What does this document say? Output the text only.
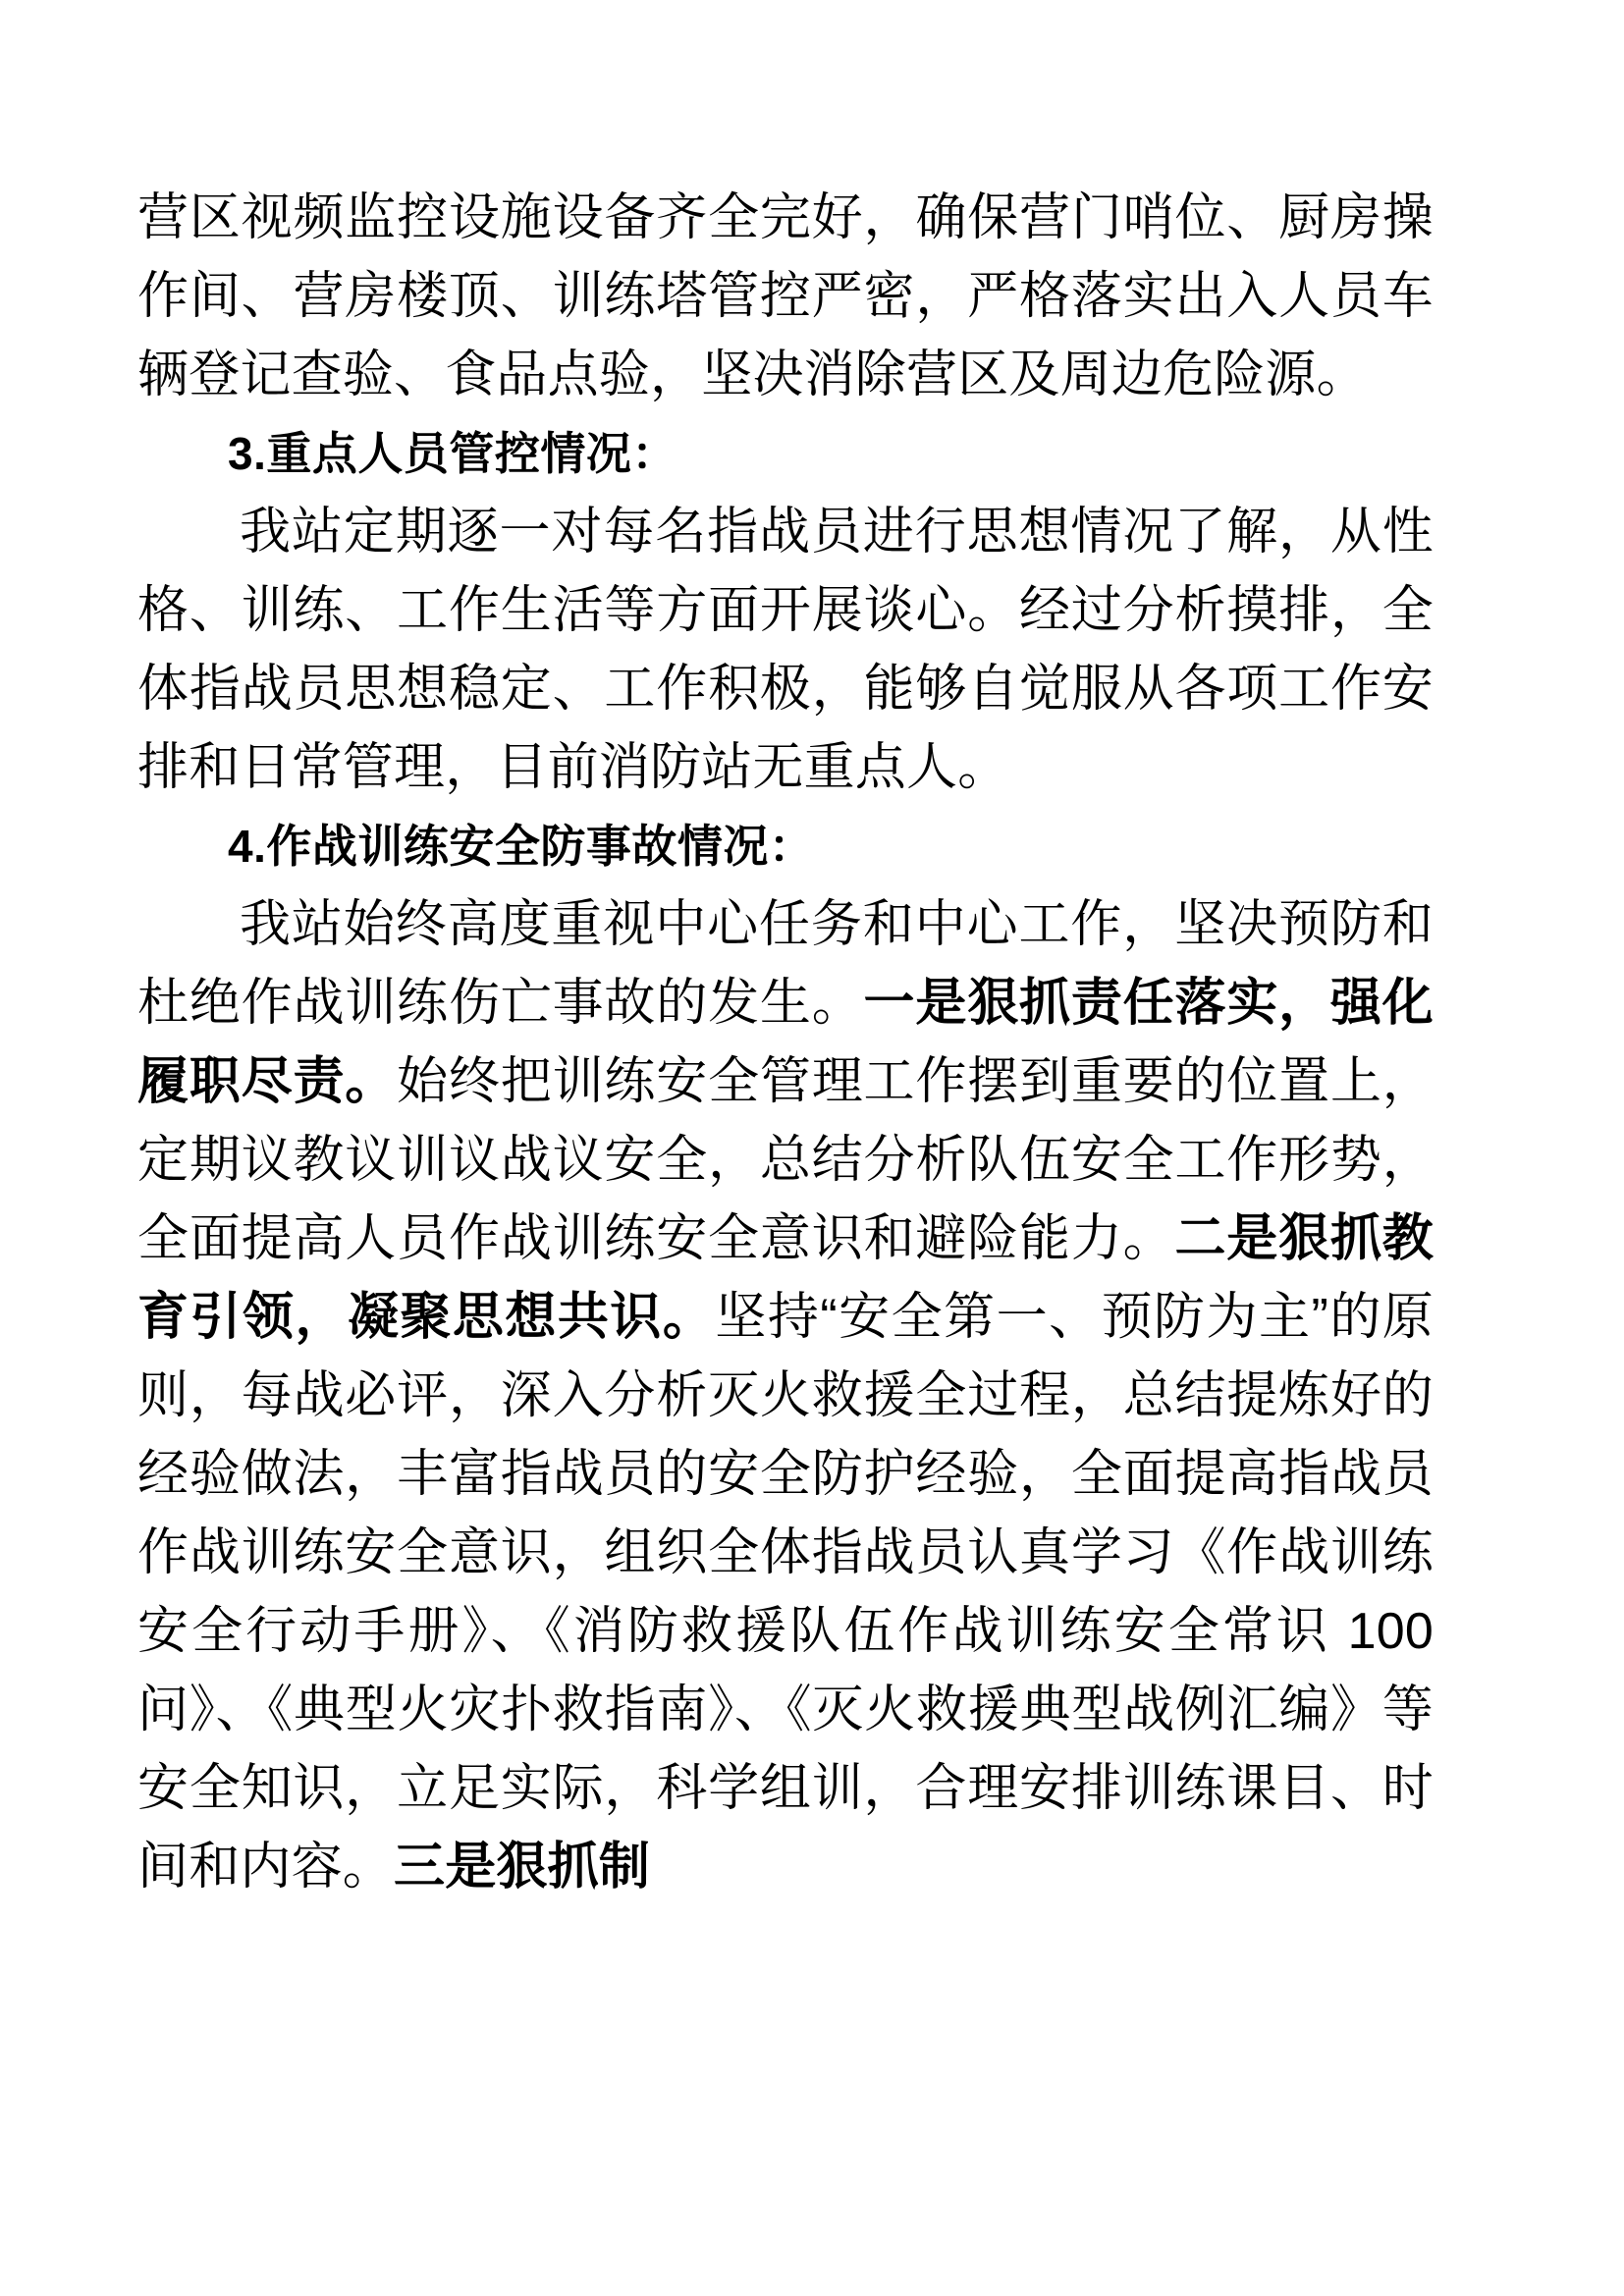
营区视频监控设施设备齐全完好，确保营门哨位、厨房操作间、营房楼顶、训练塔管控严密，严格落实出入人员车辆登记查验、食品点验，坚决消除营区及周边危险源。

3.重点人员管控情况：

我站定期逐一对每名指战员进行思想情况了解，从性格、训练、工作生活等方面开展谈心。经过分析摸排，全体指战员思想稳定、工作积极，能够自觉服从各项工作安排和日常管理，目前消防站无重点人。

4.作战训练安全防事故情况：

我站始终高度重视中心任务和中心工作，坚决预防和杜绝作战训练伤亡事故的发生。一是狠抓责任落实，强化履职尽责。始终把训练安全管理工作摆到重要的位置上，定期议教议训议战议安全，总结分析队伍安全工作形势，全面提高人员作战训练安全意识和避险能力。二是狠抓教育引领，凝聚思想共识。坚持“安全第一、预防为主”的原则，每战必评，深入分析灭火救援全过程，总结提炼好的经验做法，丰富指战员的安全防护经验，全面提高指战员作战训练安全意识，组织全体指战员认真学习《作战训练安全行动手册》、《消防救援队伍作战训练安全常识 100 问》、《典型火灾扑救指南》、《灭火救援典型战例汇编》等安全知识，立足实际，科学组训，合理安排训练课目、时间和内容。三是狠抓制
